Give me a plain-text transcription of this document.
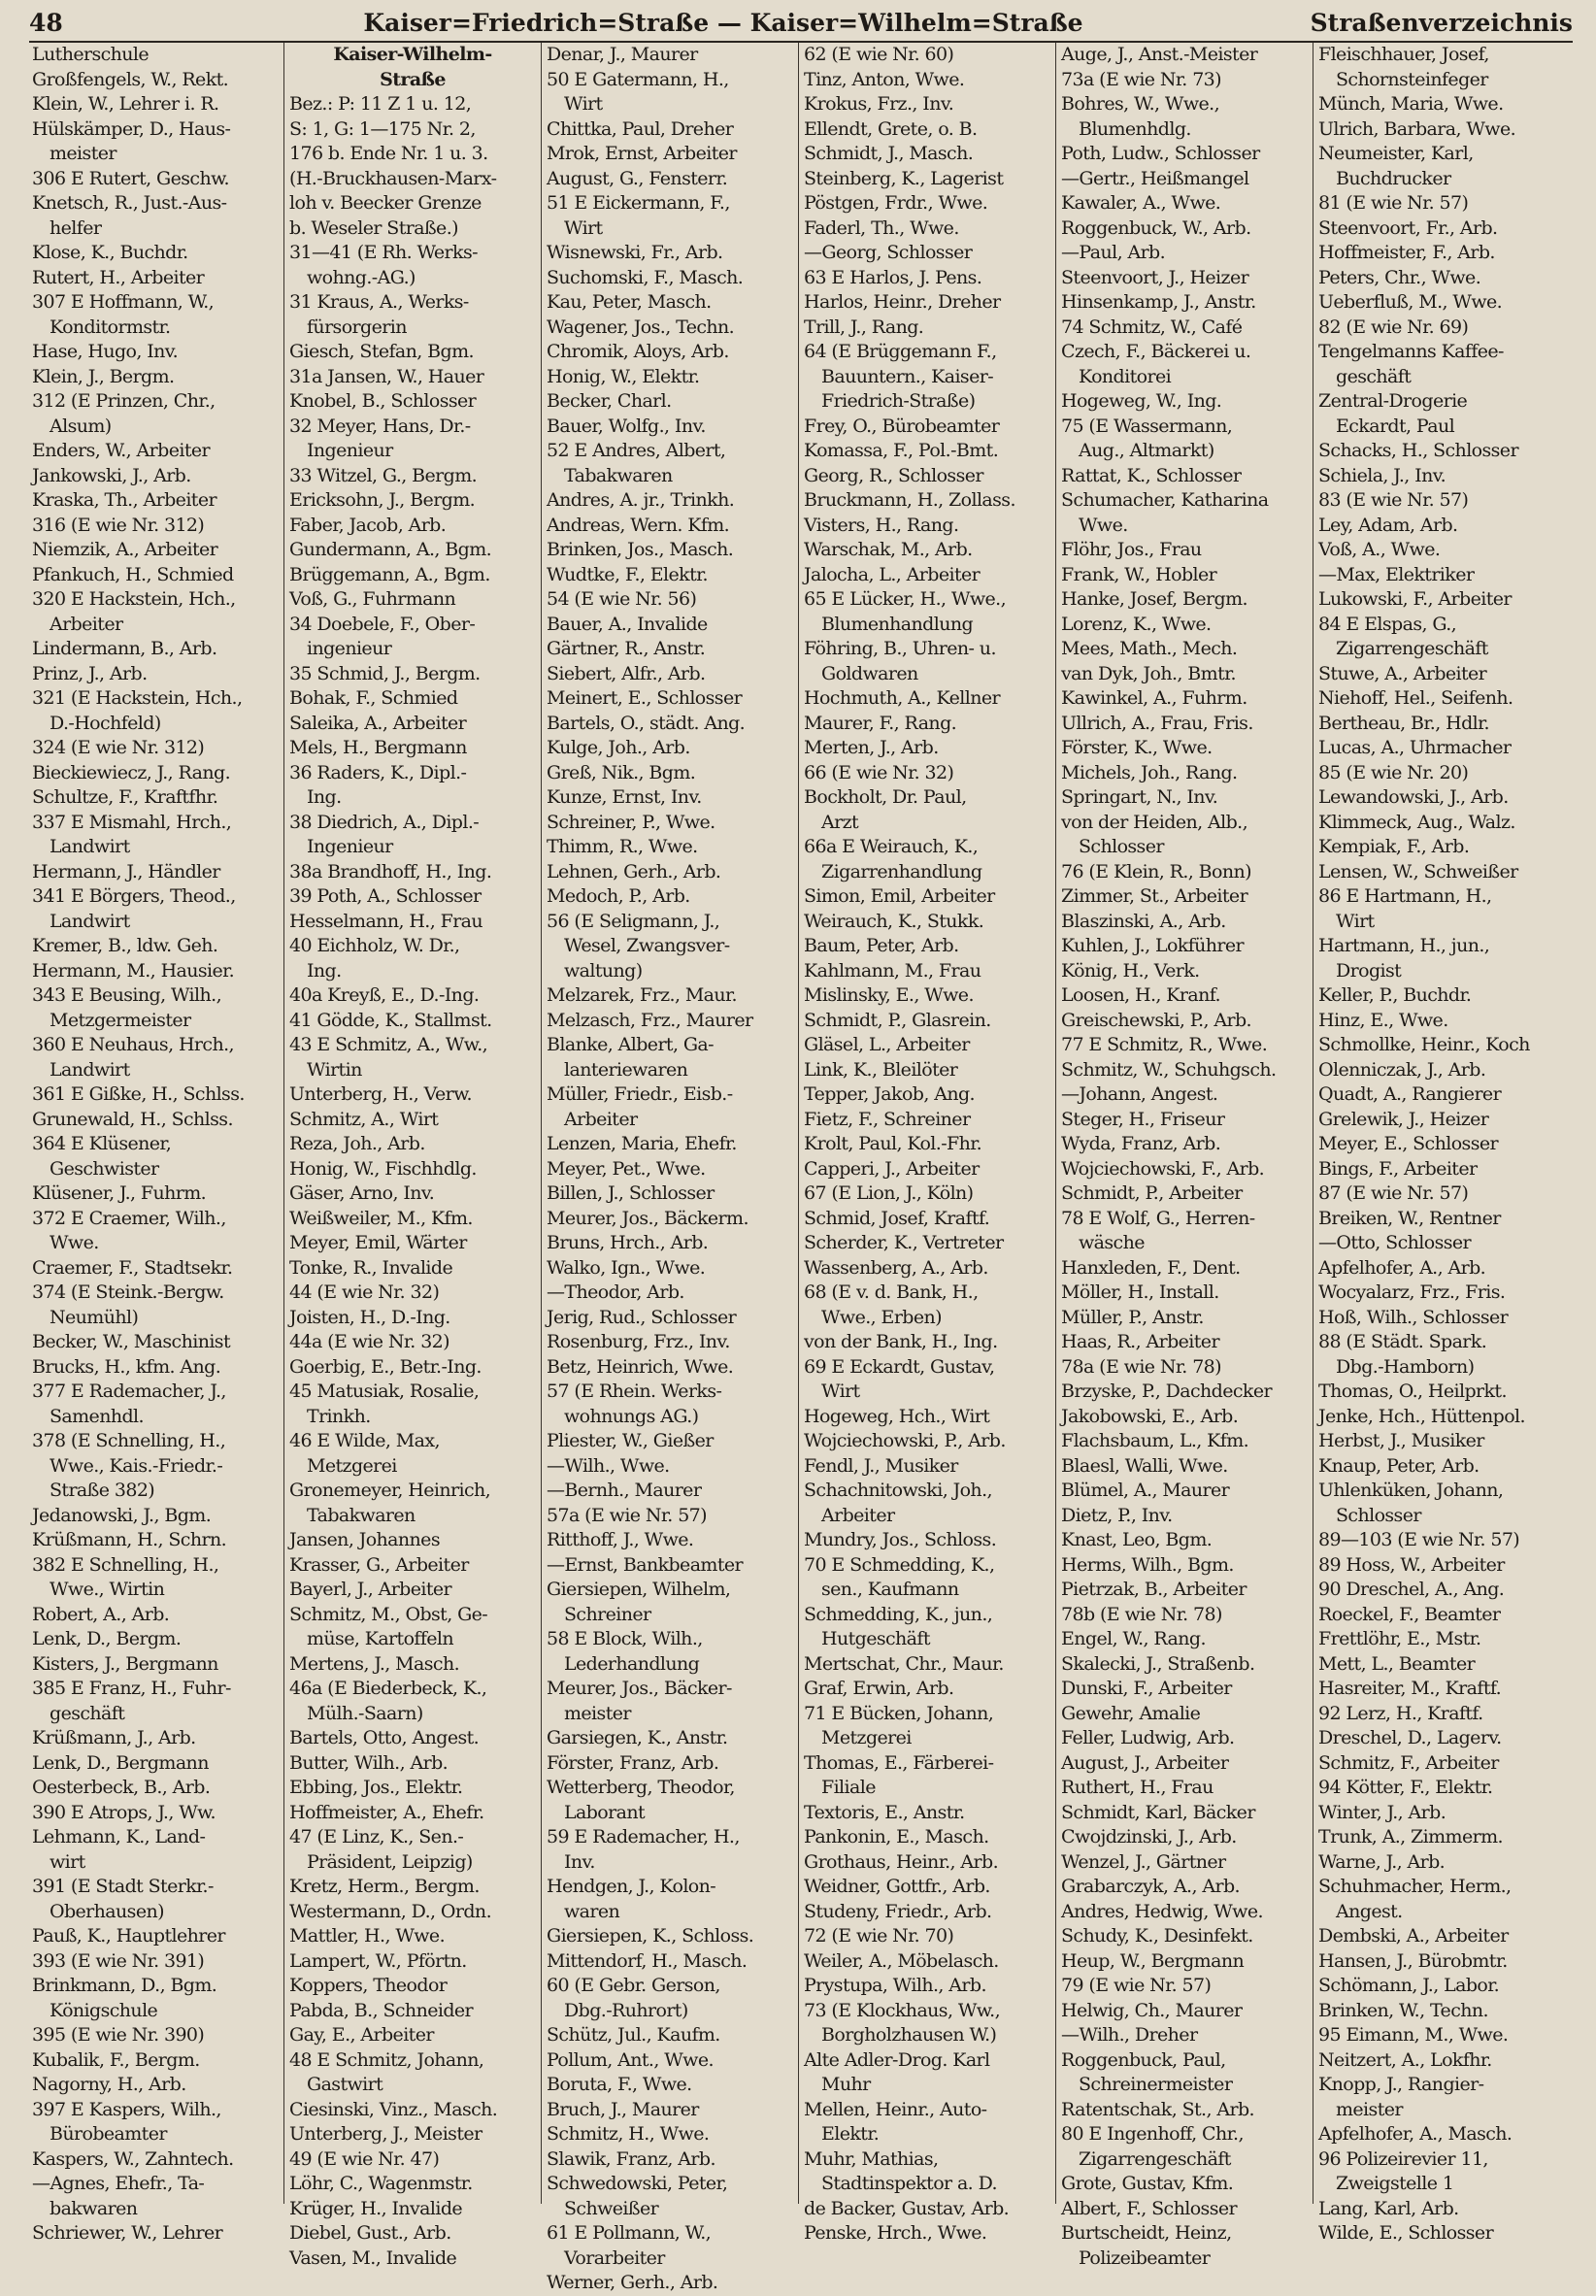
48	Kaiser=Friedrich=Straße — Kaiser=Wilhelm=Straße	Straßenverzeichnis
Lutherschule
Großfengels, W., Rekt.
Klein, W., Lehrer i. R.
Hülskämper, D., Haus-
meister
306 E Rutert, Geschw.
Knetsch, R., Just.-Aus-
helfer
Klose, K., Buchdr.
Rutert, H., Arbeiter
307 E Hoffmann, W.,
Konditormstr.
Hase, Hugo, Inv.
Klein, J., Bergm.
312 (E Prinzen, Chr.,
Alsum)
Enders, W., Arbeiter
Jankowski, J., Arb.
Kraska, Th., Arbeiter
316 (E wie Nr. 312)
Niemzik, A., Arbeiter
Pfankuch, H., Schmied
320 E Hackstein, Hch.,
Arbeiter
Lindermann, B., Arb.
Prinz, J., Arb.
321 (E Hackstein, Hch.,
D.-Hochfeld)
324 (E wie Nr. 312)
Bieckiewiecz, J., Rang.
Schultze, F., Kraftfhr.
337 E Mismahl, Hrch.,
Landwirt
Hermann, J., Händler
341 E Börgers, Theod.,
Landwirt
Kremer, B., ldw. Geh.
Hermann, M., Hausier.
343 E Beusing, Wilh.,
Metzgermeister
360 E Neuhaus, Hrch.,
Landwirt
361 E Gißke, H., Schlss.
Grunewald, H., Schlss.
364 E Klüsener,
Geschwister
Klüsener, J., Fuhrm.
372 E Craemer, Wilh.,
Wwe.
Craemer, F., Stadtsekr.
374 (E Steink.-Bergw.
Neumühl)
Becker, W., Maschinist
Brucks, H., kfm. Ang.
377 E Rademacher, J.,
Samenhdl.
378 (E Schnelling, H.,
Wwe., Kais.-Friedr.-
Straße 382)
Jedanowski, J., Bgm.
Krüßmann, H., Schrn.
382 E Schnelling, H.,
Wwe., Wirtin
Robert, A., Arb.
Lenk, D., Bergm.
Kisters, J., Bergmann
385 E Franz, H., Fuhr-
geschäft
Krüßmann, J., Arb.
Lenk, D., Bergmann
Oesterbeck, B., Arb.
390 E Atrops, J., Ww.
Lehmann, K., Land-
wirt
391 (E Stadt Sterkr.-
Oberhausen)
Pauß, K., Hauptlehrer
393 (E wie Nr. 391)
Brinkmann, D., Bgm.
Königschule
395 (E wie Nr. 390)
Kubalik, F., Bergm.
Nagorny, H., Arb.
397 E Kaspers, Wilh.,
Bürobeamter
Kaspers, W., Zahntech.
—Agnes, Ehefr., Ta-
bakwaren
Schriewer, W., Lehrer
Kaiser-Wilhelm-
Straße
Bez.: P: 11 Z 1 u. 12,
S: 1, G: 1—175 Nr. 2,
176 b. Ende Nr. 1 u. 3.
(H.-Bruckhausen-Marx-
loh v. Beecker Grenze
b. Weseler Straße.)
31—41 (E Rh. Werks-
wohng.-AG.)
31 Kraus, A., Werks-
fürsorgerin
Giesch, Stefan, Bgm.
31a Jansen, W., Hauer
Knobel, B., Schlosser
32 Meyer, Hans, Dr.-
Ingenieur
33 Witzel, G., Bergm.
Ericksohn, J., Bergm.
Faber, Jacob, Arb.
Gundermann, A., Bgm.
Brüggemann, A., Bgm.
Voß, G., Fuhrmann
34 Doebele, F., Ober-
ingenieur
35 Schmid, J., Bergm.
Bohak, F., Schmied
Saleika, A., Arbeiter
Mels, H., Bergmann
36 Raders, K., Dipl.-
Ing.
38 Diedrich, A., Dipl.-
Ingenieur
38a Brandhoff, H., Ing.
39 Poth, A., Schlosser
Hesselmann, H., Frau
40 Eichholz, W. Dr.,
Ing.
40a Kreyß, E., D.-Ing.
41 Gödde, K., Stallmst.
43 E Schmitz, A., Ww.,
Wirtin
Unterberg, H., Verw.
Schmitz, A., Wirt
Reza, Joh., Arb.
Honig, W., Fischhdlg.
Gäser, Arno, Inv.
Weißweiler, M., Kfm.
Meyer, Emil, Wärter
Tonke, R., Invalide
44 (E wie Nr. 32)
Joisten, H., D.-Ing.
44a (E wie Nr. 32)
Goerbig, E., Betr.-Ing.
45 Matusiak, Rosalie,
Trinkh.
46 E Wilde, Max,
Metzgerei
Gronemeyer, Heinrich,
Tabakwaren
Jansen, Johannes
Krasser, G., Arbeiter
Bayerl, J., Arbeiter
Schmitz, M., Obst, Ge-
müse, Kartoffeln
Mertens, J., Masch.
46a (E Biederbeck, K.,
Mülh.-Saarn)
Bartels, Otto, Angest.
Butter, Wilh., Arb.
Ebbing, Jos., Elektr.
Hoffmeister, A., Ehefr.
47 (E Linz, K., Sen.-
Präsident, Leipzig)
Kretz, Herm., Bergm.
Westermann, D., Ordn.
Mattler, H., Wwe.
Lampert, W., Pförtn.
Koppers, Theodor
Pabda, B., Schneider
Gay, E., Arbeiter
48 E Schmitz, Johann,
Gastwirt
Ciesinski, Vinz., Masch.
Unterberg, J., Meister
49 (E wie Nr. 47)
Löhr, C., Wagenmstr.
Krüger, H., Invalide
Diebel, Gust., Arb.
Vasen, M., Invalide
Denar, J., Maurer
50 E Gatermann, H.,
Wirt
Chittka, Paul, Dreher
Mrok, Ernst, Arbeiter
August, G., Fensterr.
51 E Eickermann, F.,
Wirt
Wisnewski, Fr., Arb.
Suchomski, F., Masch.
Kau, Peter, Masch.
Wagener, Jos., Techn.
Chromik, Aloys, Arb.
Honig, W., Elektr.
Becker, Charl.
Bauer, Wolfg., Inv.
52 E Andres, Albert,
Tabakwaren
Andres, A. jr., Trinkh.
Andreas, Wern. Kfm.
Brinken, Jos., Masch.
Wudtke, F., Elektr.
54 (E wie Nr. 56)
Bauer, A., Invalide
Gärtner, R., Anstr.
Siebert, Alfr., Arb.
Meinert, E., Schlosser
Bartels, O., städt. Ang.
Kulge, Joh., Arb.
Greß, Nik., Bgm.
Kunze, Ernst, Inv.
Schreiner, P., Wwe.
Thimm, R., Wwe.
Lehnen, Gerh., Arb.
Medoch, P., Arb.
56 (E Seligmann, J.,
Wesel, Zwangsver-
waltung)
Melzarek, Frz., Maur.
Melzasch, Frz., Maurer
Blanke, Albert, Ga-
lanteriewaren
Müller, Friedr., Eisb.-
Arbeiter
Lenzen, Maria, Ehefr.
Meyer, Pet., Wwe.
Billen, J., Schlosser
Meurer, Jos., Bäckerm.
Bruns, Hrch., Arb.
Walko, Ign., Wwe.
—Theodor, Arb.
Jerig, Rud., Schlosser
Rosenburg, Frz., Inv.
Betz, Heinrich, Wwe.
57 (E Rhein. Werks-
wohnungs AG.)
Pliester, W., Gießer
—Wilh., Wwe.
—Bernh., Maurer
57a (E wie Nr. 57)
Ritthoff, J., Wwe.
—Ernst, Bankbeamter
Giersiepen, Wilhelm,
Schreiner
58 E Block, Wilh.,
Lederhandlung
Meurer, Jos., Bäcker-
meister
Garsiegen, K., Anstr.
Förster, Franz, Arb.
Wetterberg, Theodor,
Laborant
59 E Rademacher, H.,
Inv.
Hendgen, J., Kolon-
waren
Giersiepen, K., Schloss.
Mittendorf, H., Masch.
60 (E Gebr. Gerson,
Dbg.-Ruhrort)
Schütz, Jul., Kaufm.
Pollum, Ant., Wwe.
Boruta, F., Wwe.
Bruch, J., Maurer
Schmitz, H., Wwe.
Slawik, Franz, Arb.
Schwedowski, Peter,
Schweißer
61 E Pollmann, W.,
Vorarbeiter
Werner, Gerh., Arb.
62 (E wie Nr. 60)
Tinz, Anton, Wwe.
Krokus, Frz., Inv.
Ellendt, Grete, o. B.
Schmidt, J., Masch.
Steinberg, K., Lagerist
Pöstgen, Frdr., Wwe.
Faderl, Th., Wwe.
—Georg, Schlosser
63 E Harlos, J. Pens.
Harlos, Heinr., Dreher
Trill, J., Rang.
64 (E Brüggemann F.,
Bauuntern., Kaiser-
Friedrich-Straße)
Frey, O., Bürobeamter
Komassa, F., Pol.-Bmt.
Georg, R., Schlosser
Bruckmann, H., Zollass.
Visters, H., Rang.
Warschak, M., Arb.
Jalocha, L., Arbeiter
65 E Lücker, H., Wwe.,
Blumenhandlung
Föhring, B., Uhren- u.
Goldwaren
Hochmuth, A., Kellner
Maurer, F., Rang.
Merten, J., Arb.
66 (E wie Nr. 32)
Bockholt, Dr. Paul,
Arzt
66a E Weirauch, K.,
Zigarrenhandlung
Simon, Emil, Arbeiter
Weirauch, K., Stukk.
Baum, Peter, Arb.
Kahlmann, M., Frau
Mislinsky, E., Wwe.
Schmidt, P., Glasrein.
Gläsel, L., Arbeiter
Link, K., Bleilöter
Tepper, Jakob, Ang.
Fietz, F., Schreiner
Krolt, Paul, Kol.-Fhr.
Capperi, J., Arbeiter
67 (E Lion, J., Köln)
Schmid, Josef, Kraftf.
Scherder, K., Vertreter
Wassenberg, A., Arb.
68 (E v. d. Bank, H.,
Wwe., Erben)
von der Bank, H., Ing.
69 E Eckardt, Gustav,
Wirt
Hogeweg, Hch., Wirt
Wojciechowski, P., Arb.
Fendl, J., Musiker
Schachnitowski, Joh.,
Arbeiter
Mundry, Jos., Schloss.
70 E Schmedding, K.,
sen., Kaufmann
Schmedding, K., jun.,
Hutgeschäft
Mertschat, Chr., Maur.
Graf, Erwin, Arb.
71 E Bücken, Johann,
Metzgerei
Thomas, E., Färberei-
Filiale
Textoris, E., Anstr.
Pankonin, E., Masch.
Grothaus, Heinr., Arb.
Weidner, Gottfr., Arb.
Studeny, Friedr., Arb.
72 (E wie Nr. 70)
Weiler, A., Möbelasch.
Prystupa, Wilh., Arb.
73 (E Klockhaus, Ww.,
Borgholzhausen W.)
Alte Adler-Drog. Karl
Muhr
Mellen, Heinr., Auto-
Elektr.
Muhr, Mathias,
Stadtinspektor a. D.
de Backer, Gustav, Arb.
Penske, Hrch., Wwe.
Auge, J., Anst.-Meister
73a (E wie Nr. 73)
Bohres, W., Wwe.,
Blumenhdlg.
Poth, Ludw., Schlosser
—Gertr., Heißmangel
Kawaler, A., Wwe.
Roggenbuck, W., Arb.
—Paul, Arb.
Steenvoort, J., Heizer
Hinsenkamp, J., Anstr.
74 Schmitz, W., Café
Czech, F., Bäckerei u.
Konditorei
Hogeweg, W., Ing.
75 (E Wassermann,
Aug., Altmarkt)
Rattat, K., Schlosser
Schumacher, Katharina
Wwe.
Flöhr, Jos., Frau
Frank, W., Hobler
Hanke, Josef, Bergm.
Lorenz, K., Wwe.
Mees, Math., Mech.
van Dyk, Joh., Bmtr.
Kawinkel, A., Fuhrm.
Ullrich, A., Frau, Fris.
Förster, K., Wwe.
Michels, Joh., Rang.
Springart, N., Inv.
von der Heiden, Alb.,
Schlosser
76 (E Klein, R., Bonn)
Zimmer, St., Arbeiter
Blaszinski, A., Arb.
Kuhlen, J., Lokführer
König, H., Verk.
Loosen, H., Kranf.
Greischewski, P., Arb.
77 E Schmitz, R., Wwe.
Schmitz, W., Schuhgsch.
—Johann, Angest.
Steger, H., Friseur
Wyda, Franz, Arb.
Wojciechowski, F., Arb.
Schmidt, P., Arbeiter
78 E Wolf, G., Herren-
wäsche
Hanxleden, F., Dent.
Möller, H., Install.
Müller, P., Anstr.
Haas, R., Arbeiter
78a (E wie Nr. 78)
Brzyske, P., Dachdecker
Jakobowski, E., Arb.
Flachsbaum, L., Kfm.
Blaesl, Walli, Wwe.
Blümel, A., Maurer
Dietz, P., Inv.
Knast, Leo, Bgm.
Herms, Wilh., Bgm.
Pietrzak, B., Arbeiter
78b (E wie Nr. 78)
Engel, W., Rang.
Skalecki, J., Straßenb.
Dunski, F., Arbeiter
Gewehr, Amalie
Feller, Ludwig, Arb.
August, J., Arbeiter
Ruthert, H., Frau
Schmidt, Karl, Bäcker
Cwojdzinski, J., Arb.
Wenzel, J., Gärtner
Grabarczyk, A., Arb.
Andres, Hedwig, Wwe.
Schudy, K., Desinfekt.
Heup, W., Bergmann
79 (E wie Nr. 57)
Helwig, Ch., Maurer
—Wilh., Dreher
Roggenbuck, Paul,
Schreinermeister
Ratentschak, St., Arb.
80 E Ingenhoff, Chr.,
Zigarrengeschäft
Grote, Gustav, Kfm.
Albert, F., Schlosser
Burtscheidt, Heinz,
Polizeibeamter
Fleischhauer, Josef,
Schornsteinfeger
Münch, Maria, Wwe.
Ulrich, Barbara, Wwe.
Neumeister, Karl,
Buchdrucker
81 (E wie Nr. 57)
Steenvoort, Fr., Arb.
Hoffmeister, F., Arb.
Peters, Chr., Wwe.
Ueberfluß, M., Wwe.
82 (E wie Nr. 69)
Tengelmanns Kaffee-
geschäft
Zentral-Drogerie
Eckardt, Paul
Schacks, H., Schlosser
Schiela, J., Inv.
83 (E wie Nr. 57)
Ley, Adam, Arb.
Voß, A., Wwe.
—Max, Elektriker
Lukowski, F., Arbeiter
84 E Elspas, G.,
Zigarrengeschäft
Stuwe, A., Arbeiter
Niehoff, Hel., Seifenh.
Bertheau, Br., Hdlr.
Lucas, A., Uhrmacher
85 (E wie Nr. 20)
Lewandowski, J., Arb.
Klimmeck, Aug., Walz.
Kempiak, F., Arb.
Lensen, W., Schweißer
86 E Hartmann, H.,
Wirt
Hartmann, H., jun.,
Drogist
Keller, P., Buchdr.
Hinz, E., Wwe.
Schmollke, Heinr., Koch
Olenniczak, J., Arb.
Quadt, A., Rangierer
Grelewik, J., Heizer
Meyer, E., Schlosser
Bings, F., Arbeiter
87 (E wie Nr. 57)
Breiken, W., Rentner
—Otto, Schlosser
Apfelhofer, A., Arb.
Wocyalarz, Frz., Fris.
Hoß, Wilh., Schlosser
88 (E Städt. Spark.
Dbg.-Hamborn)
Thomas, O., Heilprkt.
Jenke, Hch., Hüttenpol.
Herbst, J., Musiker
Knaup, Peter, Arb.
Uhlenküken, Johann,
Schlosser
89—103 (E wie Nr. 57)
89 Hoss, W., Arbeiter
90 Dreschel, A., Ang.
Roeckel, F., Beamter
Frettlöhr, E., Mstr.
Mett, L., Beamter
Hasreiter, M., Kraftf.
92 Lerz, H., Kraftf.
Dreschel, D., Lagerv.
Schmitz, F., Arbeiter
94 Kötter, F., Elektr.
Winter, J., Arb.
Trunk, A., Zimmerm.
Warne, J., Arb.
Schuhmacher, Herm.,
Angest.
Dembski, A., Arbeiter
Hansen, J., Bürobmtr.
Schömann, J., Labor.
Brinken, W., Techn.
95 Eimann, M., Wwe.
Neitzert, A., Lokfhr.
Knopp, J., Rangier-
meister
Apfelhofer, A., Masch.
96 Polizeirevier 11,
Zweigstelle 1
Lang, Karl, Arb.
Wilde, E., Schlosser
